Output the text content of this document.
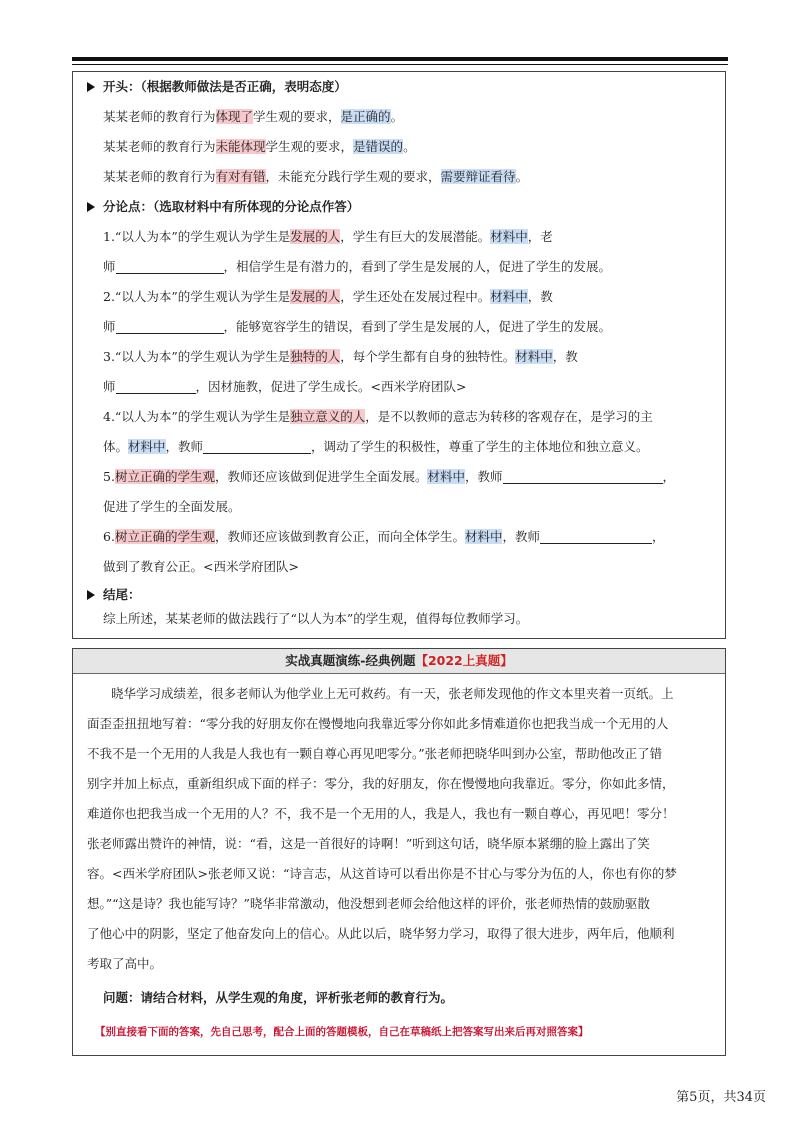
开头：（根据教师做法是否正确，表明态度）
某某老师的教育行为体现了学生观的要求，是正确的。
某某老师的教育行为未能体现学生观的要求，是错误的。
某某老师的教育行为有对有错，未能充分践行学生观的要求，需要辩证看待。
分论点：（选取材料中有所体现的分论点作答）
1.“以人为本”的学生观认为学生是发展的人，学生有巨大的发展潜能。材料中，老
师	，相信学生是有潜力的，看到了学生是发展的人，促进了学生的发展。
2.“以人为本”的学生观认为学生是发展的人，学生还处在发展过程中。材料中，教
师	，能够宽容学生的错误，看到了学生是发展的人，促进了学生的发展。
3.“以人为本”的学生观认为学生是独特的人，每个学生都有自身的独特性。材料中，教
师	，因材施教，促进了学生成长。<西米学府团队>
4.“以人为本”的学生观认为学生是独立意义的人，是不以教师的意志为转移的客观存在，是学习的主
体。材料中，教师	，调动了学生的积极性，尊重了学生的主体地位和独立意义。
5.树立正确的学生观，教师还应该做到促进学生全面发展。材料中，教师	，
促进了学生的全面发展。
6.树立正确的学生观，教师还应该做到教育公正，而向全体学生。材料中，教师	，
做到了教育公正。<西米学府团队>
结尾：
综上所述，某某老师的做法践行了“以人为本”的学生观，值得每位教师学习。
实战真题演练-经典例题【2022上真题】
晓华学习成绩差，很多老师认为他学业上无可救药。有一天，张老师发现他的作文本里夹着一页纸。上
面歪歪扭扭地写着：“零分我的好朋友你在慢慢地向我靠近零分你如此多情难道你也把我当成一个无用的人
不我不是一个无用的人我是人我也有一颗自尊心再见吧零分。”张老师把晓华叫到办公室，帮助他改正了错
别字并加上标点，重新组织成下面的样子：零分，我的好朋友，你在慢慢地向我靠近。零分，你如此多情，
难道你也把我当成一个无用的人？不，我不是一个无用的人，我是人，我也有一颗自尊心，再见吧！零分！
张老师露出赞许的神情，说：“看，这是一首很好的诗啊！”听到这句话，晓华原本紧绷的脸上露出了笑
容。<西米学府团队>张老师又说：“诗言志，从这首诗可以看出你是不甘心与零分为伍的人，你也有你的梦
想。”“这是诗？我也能写诗？”晓华非常激动，他没想到老师会给他这样的评价，张老师热情的鼓励驱散
了他心中的阴影，坚定了他奋发向上的信心。从此以后，晓华努力学习，取得了很大进步，两年后，他顺利
考取了高中。
问题：请结合材料，从学生观的角度，评析张老师的教育行为。
【别直接看下面的答案，先自己思考，配合上面的答题模板，自己在草稿纸上把答案写出来后再对照答案】
第5页，共34页
